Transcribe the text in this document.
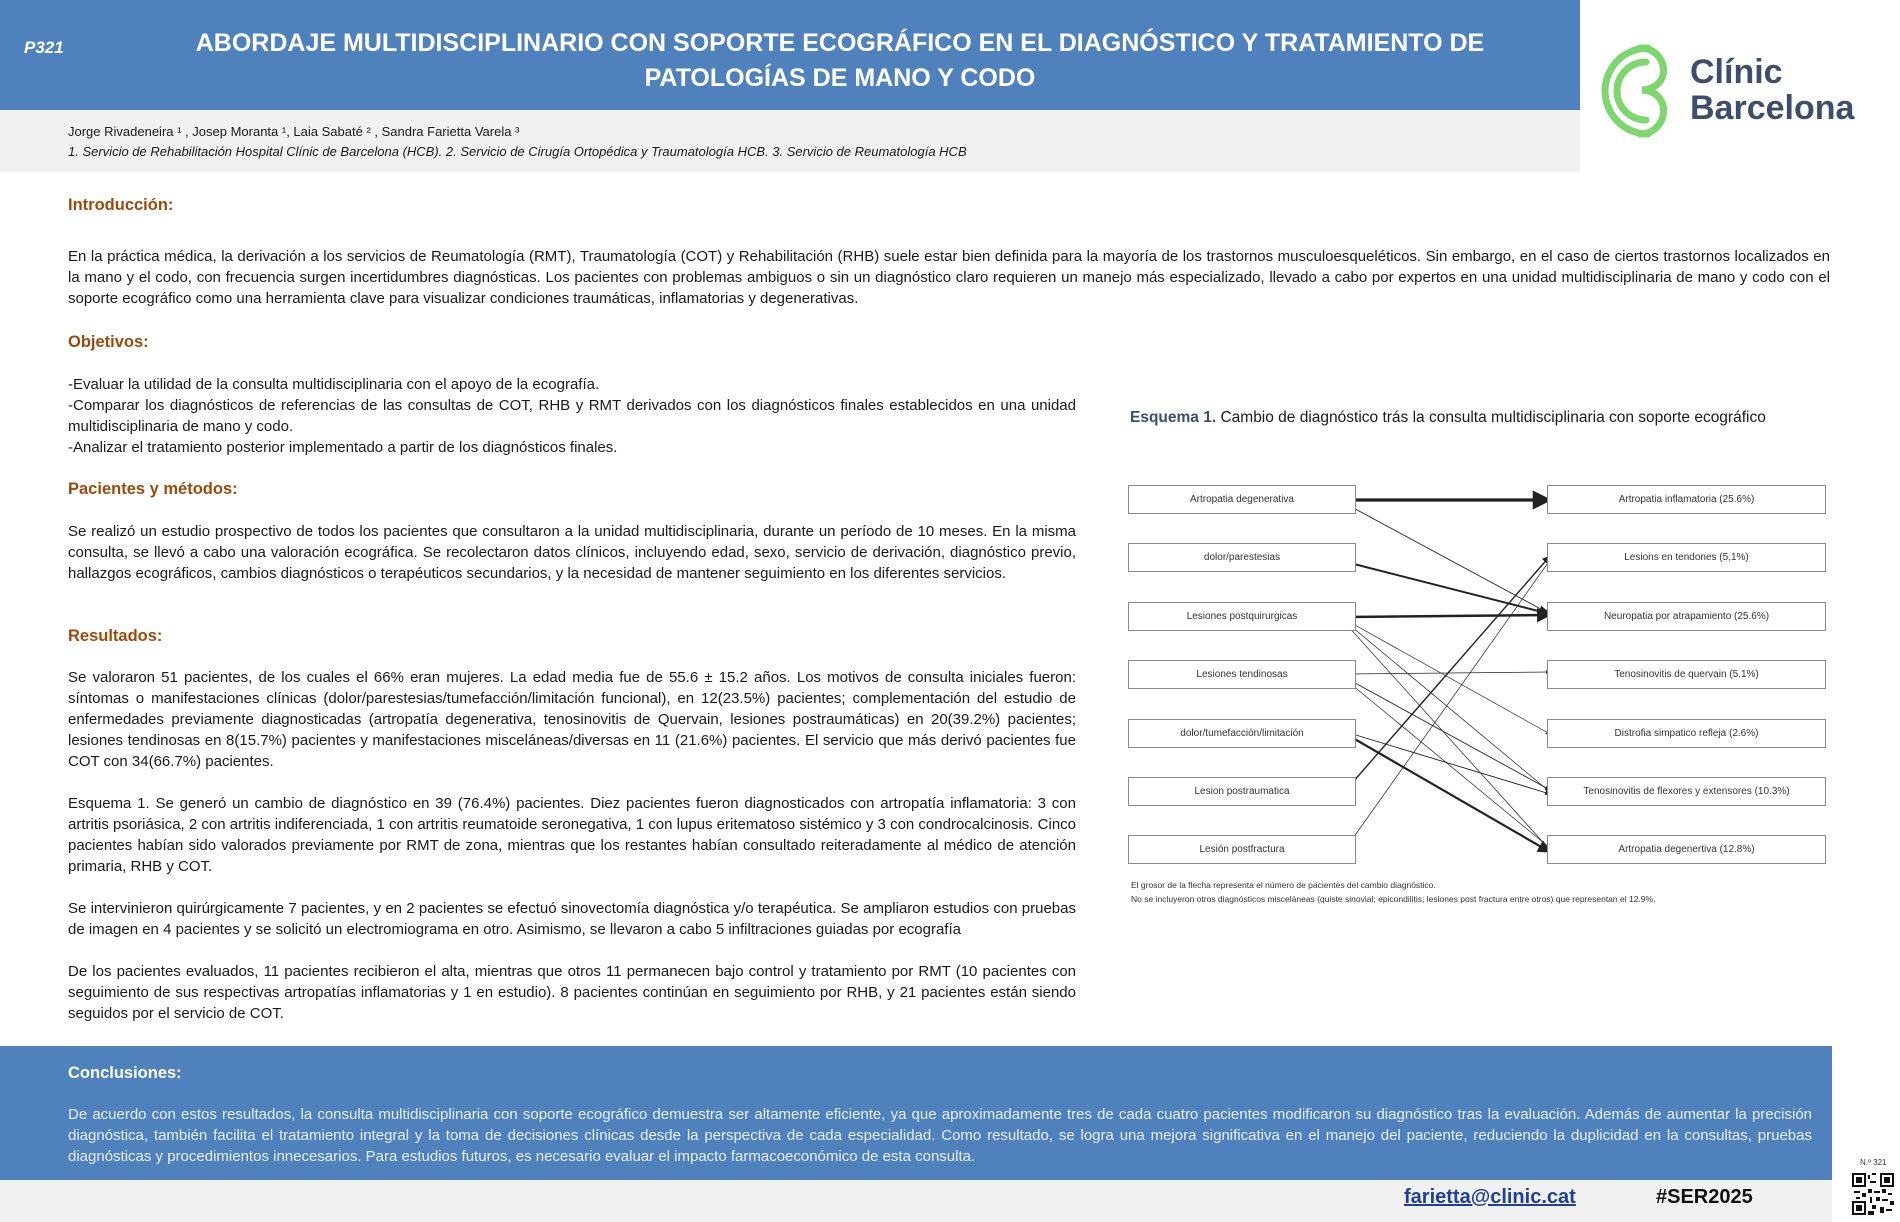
P321	ABORDAJE MULTIDISCIPLINARIO CON SOPORTE ECOGRÁFICO EN EL DIAGNÓSTICO Y TRATAMIENTO DE PATOLOGÍAS DE MANO Y CODO	Clínic
Barcelona
Jorge Rivadeneira ¹ , Josep Moranta ¹, Laia Sabaté ² , Sandra Farietta Varela ³
1. Servicio de Rehabilitación Hospital Clínic de Barcelona (HCB). 2. Servicio de Cirugía Ortopédica y Traumatología HCB. 3. Servicio de Reumatología HCB
Introducción:
En la práctica médica, la derivación a los servicios de Reumatología (RMT), Traumatología (COT) y Rehabilitación (RHB) suele estar bien definida para la mayoría de los trastornos musculoesqueléticos. Sin embargo, en el caso de ciertos trastornos localizados en la mano y el codo, con frecuencia surgen incertidumbres diagnósticas. Los pacientes con problemas ambiguos o sin un diagnóstico claro requieren un manejo más especializado, llevado a cabo por expertos en una unidad multidisciplinaria de mano y codo con el soporte ecográfico como una herramienta clave para visualizar condiciones traumáticas, inflamatorias y degenerativas.
Objetivos:
-Evaluar la utilidad de la consulta multidisciplinaria con el apoyo de la ecografía.
-Comparar los diagnósticos de referencias de las consultas de COT, RHB y RMT derivados con los diagnósticos finales establecidos en una unidad multidisciplinaria de mano y codo.
-Analizar el tratamiento posterior implementado a partir de los diagnósticos finales.
Pacientes y métodos:
Se realizó un estudio prospectivo de todos los pacientes que consultaron a la unidad multidisciplinaria, durante un período de 10 meses. En la misma consulta, se llevó a cabo una valoración ecográfica. Se recolectaron datos clínicos, incluyendo edad, sexo, servicio de derivación, diagnóstico previo, hallazgos ecográficos, cambios diagnósticos o terapéuticos secundarios, y la necesidad de mantener seguimiento en los diferentes servicios.
Resultados:
Se valoraron 51 pacientes, de los cuales el 66% eran mujeres. La edad media fue de 55.6 ± 15.2 años. Los motivos de consulta iniciales fueron: síntomas o manifestaciones clínicas (dolor/parestesias/tumefacción/limitación funcional), en 12(23.5%) pacientes; complementación del estudio de enfermedades previamente diagnosticadas (artropatía degenerativa, tenosinovitis de Quervain, lesiones postraumáticas) en 20(39.2%) pacientes; lesiones tendinosas en 8(15.7%) pacientes y manifestaciones misceláneas/diversas en 11 (21.6%) pacientes. El servicio que más derivó pacientes fue COT con 34(66.7%) pacientes.
Esquema 1. Se generó un cambio de diagnóstico en 39 (76.4%) pacientes. Diez pacientes fueron diagnosticados con artropatía inflamatoria: 3 con artritis psoriásica, 2 con artritis indiferenciada, 1 con artritis reumatoide seronegativa, 1 con lupus eritematoso sistémico y 3 con condrocalcinosis. Cinco pacientes habían sido valorados previamente por RMT de zona, mientras que los restantes habían consultado reiteradamente al médico de atención primaria, RHB y COT.
Se intervinieron quirúrgicamente 7 pacientes, y en 2 pacientes se efectuó sinovectomía diagnóstica y/o terapéutica. Se ampliaron estudios con pruebas de imagen en 4 pacientes y se solicitó un electromiograma en otro. Asimismo, se llevaron a cabo 5 infiltraciones guiadas por ecografía
De los pacientes evaluados, 11 pacientes recibieron el alta, mientras que otros 11 permanecen bajo control y tratamiento por RMT (10 pacientes con seguimiento de sus respectivas artropatías inflamatorias y 1 en estudio). 8 pacientes continúan en seguimiento por RHB, y 21 pacientes están siendo seguidos por el servicio de COT.
Esquema 1. Cambio de diagnóstico trás la consulta multidisciplinaria con soporte ecográfico
Artropatia degenerativa
dolor/parestesias
Lesiones postquirurgicas
Lesiones tendinosas
dolor/tumefacción/limitación
Lesion postraumatica
Lesión postfractura
Artropatia inflamatoria (25.6%)
Lesions en tendones (5,1%)
Neuropatia por atrapamiento (25.6%)
Tenosinovitis de quervain (5.1%)
Distrofia simpatico refleja (2.6%)
Tenosinovitis de flexores y extensores (10.3%)
Artropatia degenertiva (12.8%)
El grosor de la flecha representa el número de pacientes del cambio diagnóstico.
No se incluyeron otros diagnósticos misceláneas (quiste sinovial; epicondilitis; lesiones post fractura entre otros) que representan el 12.9%.
Conclusiones:
De acuerdo con estos resultados, la consulta multidisciplinaria con soporte ecográfico demuestra ser altamente eficiente, ya que aproximadamente tres de cada cuatro pacientes modificaron su diagnóstico tras la evaluación. Además de aumentar la precisión diagnóstica, también facilita el tratamiento integral y la toma de decisiones clínicas desde la perspectiva de cada especialidad. Como resultado, se logra una mejora significativa en el manejo del paciente, reduciendo la duplicidad en la consultas, pruebas diagnósticas y procedimientos innecesarios. Para estudios futuros, es necesario evaluar el impacto farmacoeconómico de esta consulta.
farietta@clinic.cat	#SER2025
N.º 321
